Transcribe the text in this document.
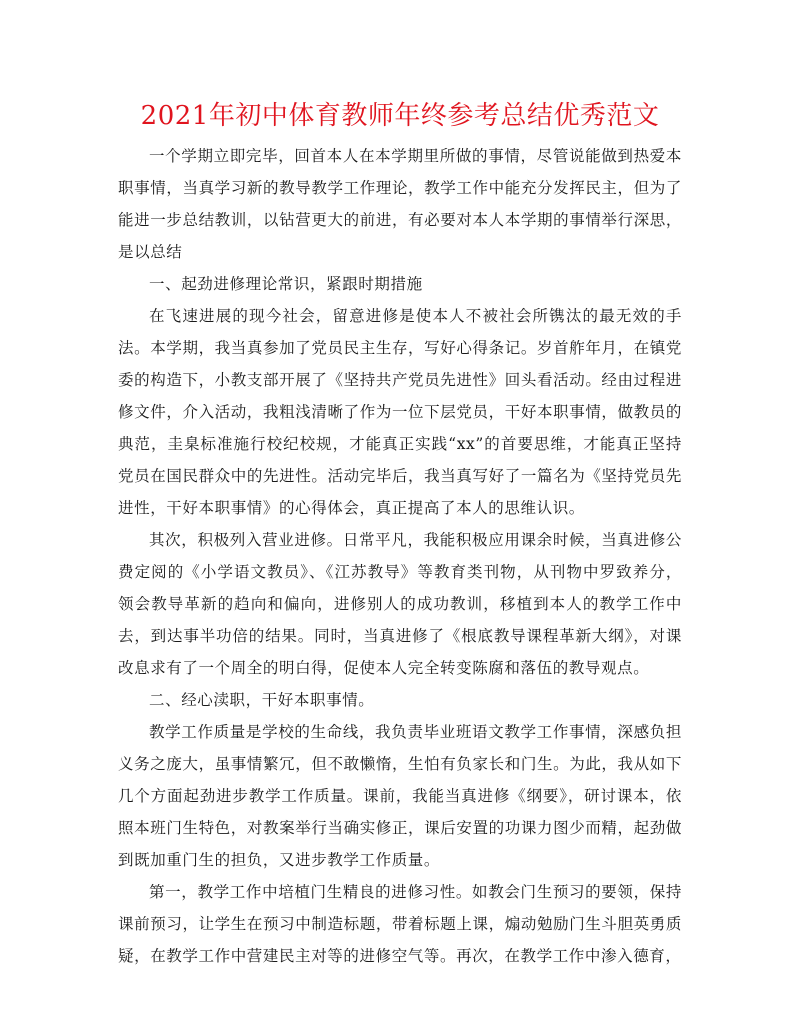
2021年初中体育教师年终参考总结优秀范文

一个学期立即完毕，回首本人在本学期里所做的事情，尽管说能做到热爱本职事情，当真学习新的教导教学工作理论，教学工作中能充分发挥民主，但为了能进一步总结教训，以钻营更大的前进，有必要对本人本学期的事情举行深思，是以总结

一、起劲进修理论常识，紧跟时期措施

在飞速进展的现今社会，留意进修是使本人不被社会所镌汰的最无效的手法。本学期，我当真参加了党员民主生存，写好心得条记。岁首舴年月，在镇党委的构造下，小教支部开展了《坚持共产党员先进性》回头看活动。经由过程进修文件，介入活动，我粗浅清晰了作为一位下层党员，干好本职事情，做教员的典范，圭臬标准施行校纪校规，才能真正实践“xx”的首要思维，才能真正坚持党员在国民群众中的先进性。活动完毕后，我当真写好了一篇名为《坚持党员先进性，干好本职事情》的心得体会，真正提高了本人的思维认识。

其次，积极列入营业进修。日常平凡，我能积极应用课余时候，当真进修公费定阅的《小学语文教员》、《江苏教导》等教育类刊物，从刊物中罗致养分，领会教导革新的趋向和偏向，进修别人的成功教训，移植到本人的教学工作中去，到达事半功倍的结果。同时，当真进修了《根底教导课程革新大纲》，对课改息求有了一个周全的明白得，促使本人完全转变陈腐和落伍的教导观点。

二、经心渎职，干好本职事情。

教学工作质量是学校的生命线，我负责毕业班语文教学工作事情，深感负担义务之庞大，虽事情繁冗，但不敢懒惰，生怕有负家长和门生。为此，我从如下几个方面起劲进步教学工作质量。课前，我能当真进修《纲要》，研讨课本，依照本班门生特色，对教案举行当确实修正，课后安置的功课力图少而精，起劲做到既加重门生的担负，又进步教学工作质量。

第一，教学工作中培植门生精良的进修习性。如教会门生预习的要领，保持课前预习，让学生在预习中制造标题，带着标题上课，煽动勉励门生斗胆英勇质疑，在教学工作中营建民主对等的进修空气等。再次，在教学工作中渗入德育，
